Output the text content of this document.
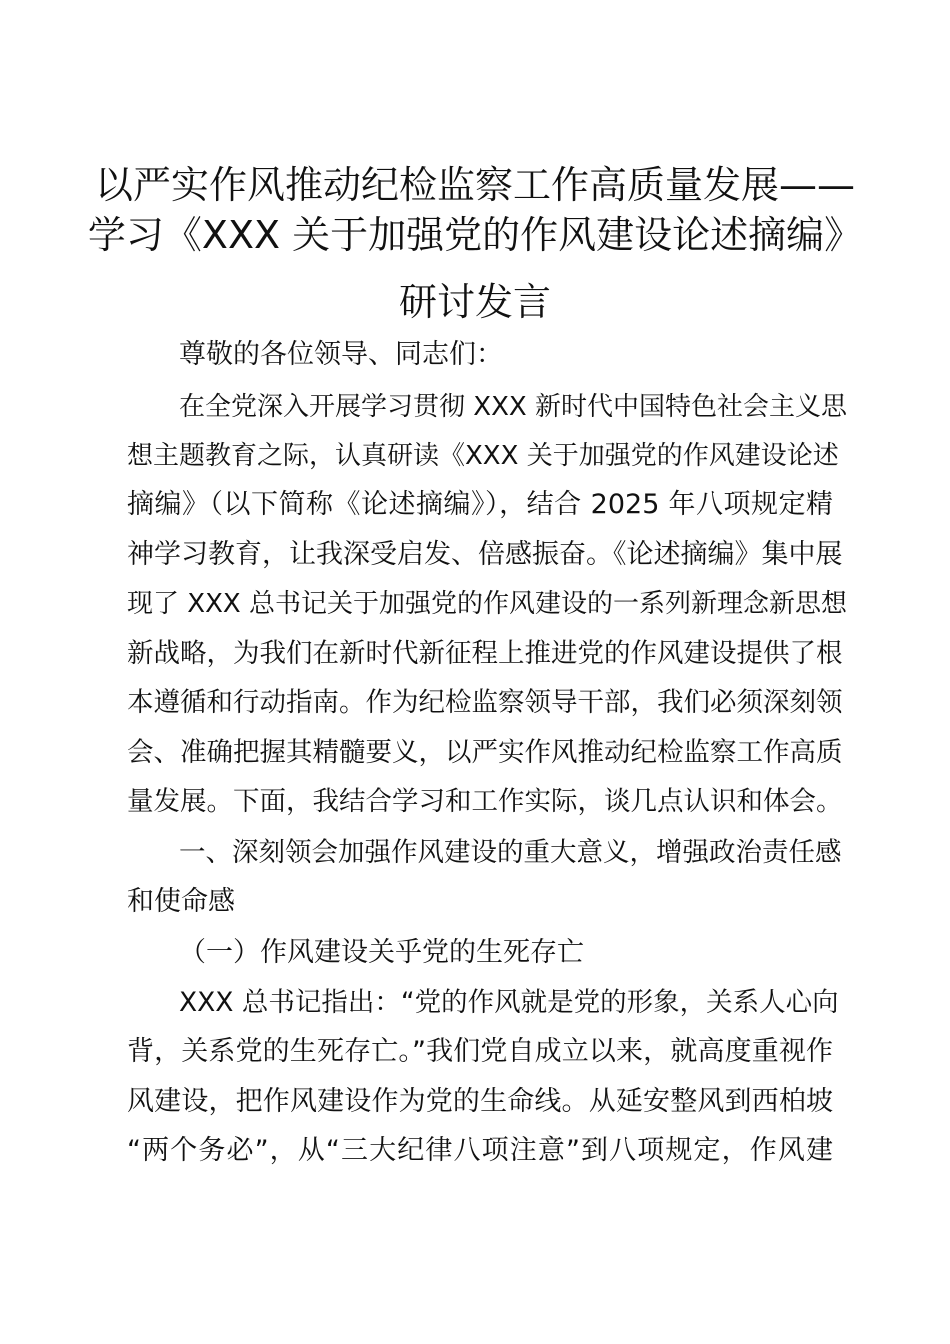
以严实作风推动纪检监察工作高质量发展——
学习《XXX 关于加强党的作风建设论述摘编》
研讨发言
尊敬的各位领导、同志们：
在全党深入开展学习贯彻 XXX 新时代中国特色社会主义思
想主题教育之际，认真研读《XXX 关于加强党的作风建设论述
摘编》（以下简称《论述摘编》），结合 2025 年八项规定精
神学习教育，让我深受启发、倍感振奋。《论述摘编》集中展
现了 XXX 总书记关于加强党的作风建设的一系列新理念新思想
新战略，为我们在新时代新征程上推进党的作风建设提供了根
本遵循和行动指南。作为纪检监察领导干部，我们必须深刻领
会、准确把握其精髓要义，以严实作风推动纪检监察工作高质
量发展。下面，我结合学习和工作实际，谈几点认识和体会。
一、深刻领会加强作风建设的重大意义，增强政治责任感
和使命感
（一）作风建设关乎党的生死存亡
XXX 总书记指出：“党的作风就是党的形象，关系人心向
背，关系党的生死存亡。”我们党自成立以来，就高度重视作
风建设，把作风建设作为党的生命线。从延安整风到西柏坡
“两个务必”，从“三大纪律八项注意”到八项规定，作风建
